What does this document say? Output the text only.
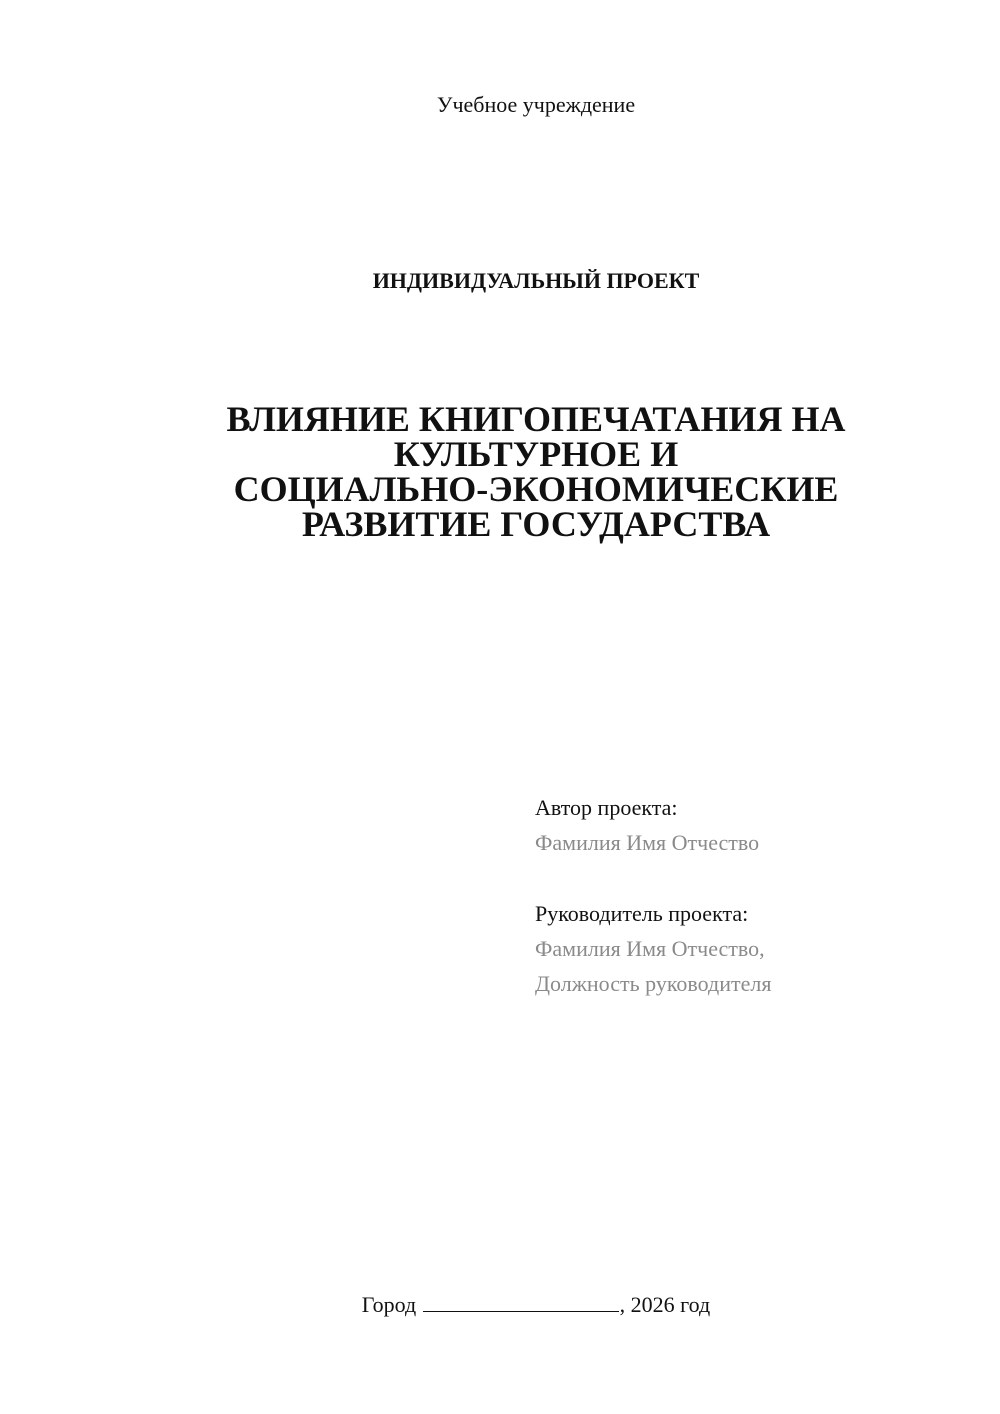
Учебное учреждение
ИНДИВИДУАЛЬНЫЙ ПРОЕКТ
ВЛИЯНИЕ КНИГОПЕЧАТАНИЯ НА
КУЛЬТУРНОЕ И
СОЦИАЛЬНО-ЭКОНОМИЧЕСКИЕ
РАЗВИТИЕ ГОСУДАРСТВА
Автор проекта:
Фамилия Имя Отчество
Руководитель проекта:
Фамилия Имя Отчество,
Должность руководителя
Город	, 2026 год
